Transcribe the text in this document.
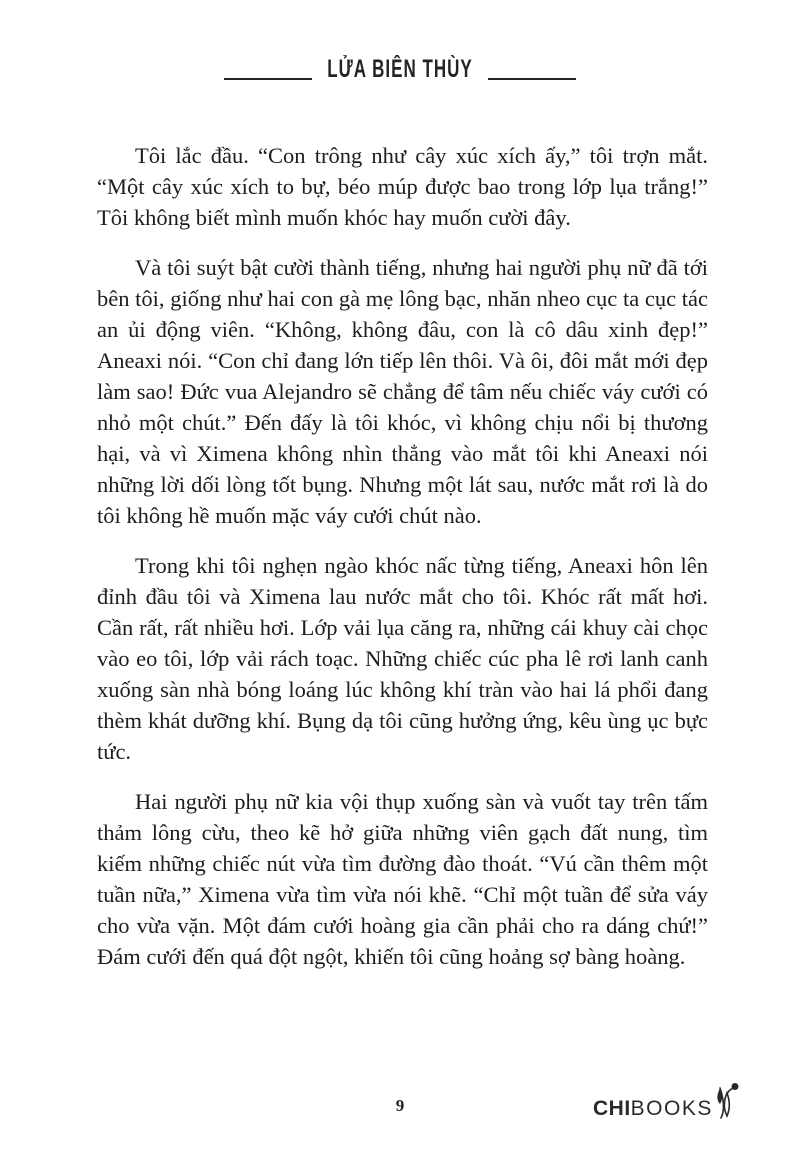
LỬA BIÊN THÙY

Tôi lắc đầu. “Con trông như cây xúc xích ấy,” tôi trợn mắt. “Một cây xúc xích to bự, béo múp được bao trong lớp lụa trắng!” Tôi không biết mình muốn khóc hay muốn cười đây.

Và tôi suýt bật cười thành tiếng, nhưng hai người phụ nữ đã tới bên tôi, giống như hai con gà mẹ lông bạc, nhăn nheo cục ta cục tác an ủi động viên. “Không, không đâu, con là cô dâu xinh đẹp!” Aneaxi nói. “Con chỉ đang lớn tiếp lên thôi. Và ôi, đôi mắt mới đẹp làm sao! Đức vua Alejandro sẽ chẳng để tâm nếu chiếc váy cưới có nhỏ một chút.” Đến đấy là tôi khóc, vì không chịu nổi bị thương hại, và vì Ximena không nhìn thẳng vào mắt tôi khi Aneaxi nói những lời dối lòng tốt bụng. Nhưng một lát sau, nước mắt rơi là do tôi không hề muốn mặc váy cưới chút nào.

Trong khi tôi nghẹn ngào khóc nấc từng tiếng, Aneaxi hôn lên đỉnh đầu tôi và Ximena lau nước mắt cho tôi. Khóc rất mất hơi. Cần rất, rất nhiều hơi. Lớp vải lụa căng ra, những cái khuy cài chọc vào eo tôi, lớp vải rách toạc. Những chiếc cúc pha lê rơi lanh canh xuống sàn nhà bóng loáng lúc không khí tràn vào hai lá phổi đang thèm khát dưỡng khí. Bụng dạ tôi cũng hưởng ứng, kêu ùng ục bực tức.

Hai người phụ nữ kia vội thụp xuống sàn và vuốt tay trên tấm thảm lông cừu, theo kẽ hở giữa những viên gạch đất nung, tìm kiếm những chiếc nút vừa tìm đường đào thoát. “Vú cần thêm một tuần nữa,” Ximena vừa tìm vừa nói khẽ. “Chỉ một tuần để sửa váy cho vừa vặn. Một đám cưới hoàng gia cần phải cho ra dáng chứ!” Đám cưới đến quá đột ngột, khiến tôi cũng hoảng sợ bàng hoàng.

9	CHI BOOKS
